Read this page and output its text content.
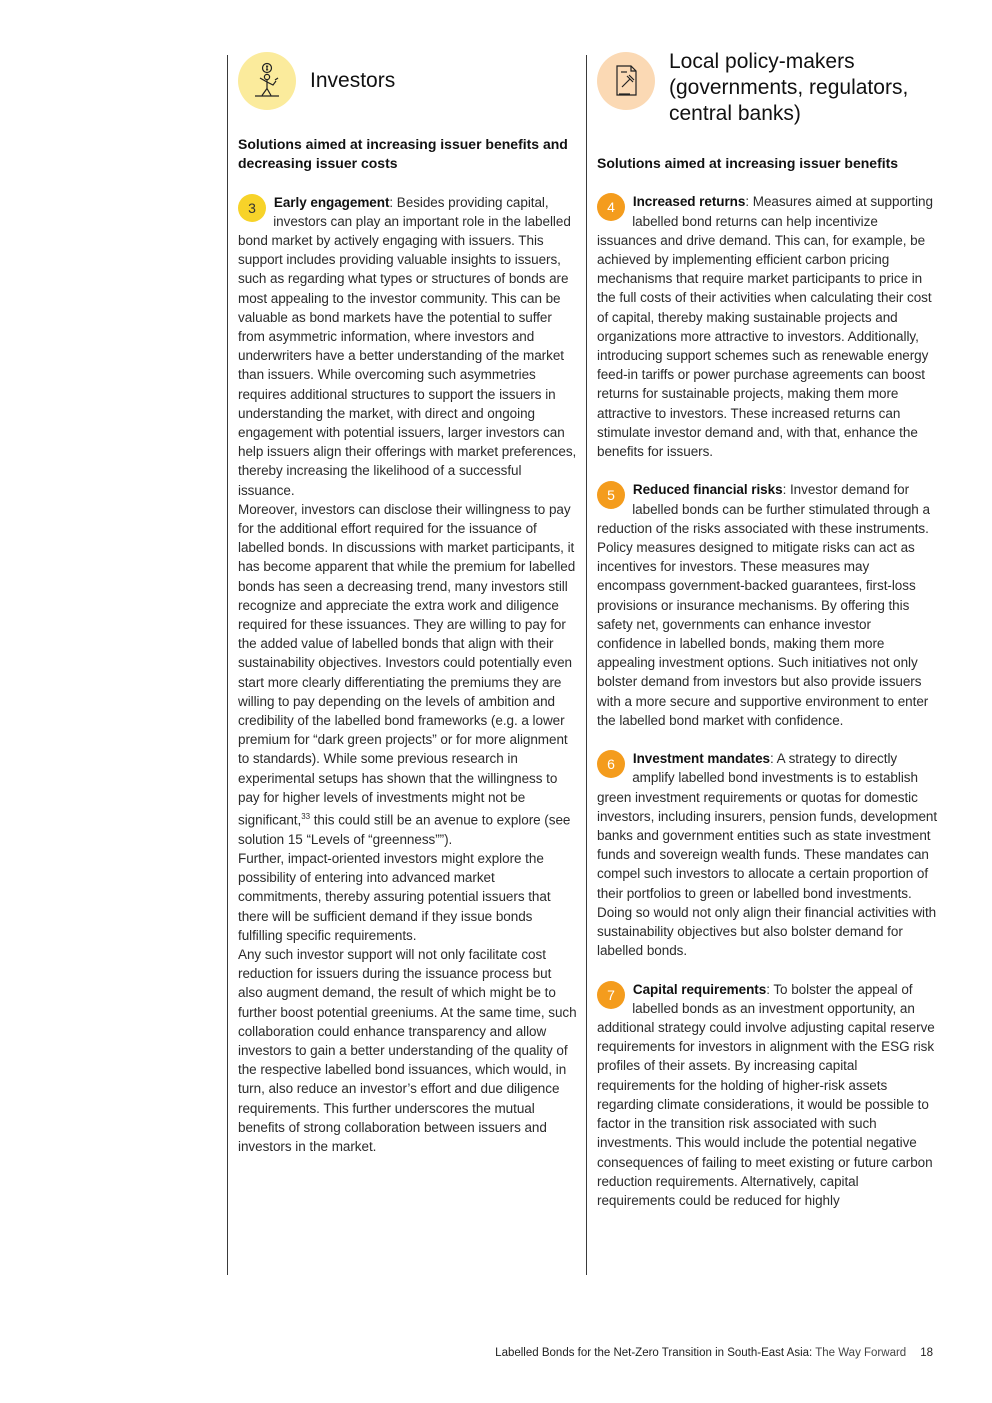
Investors

Solutions aimed at increasing issuer benefits and decreasing issuer costs

3	Early engagement: Besides providing capital, investors can play an important role in the labelled bond market by actively engaging with issuers. This support includes providing valuable insights to issuers, such as regarding what types or structures of bonds are most appealing to the investor community. This can be valuable as bond markets have the potential to suffer from asymmetric information, where investors and underwriters have a better understanding of the market than issuers. While overcoming such asymmetries requires additional structures to support the issuers in understanding the market, with direct and ongoing engagement with potential issuers, larger investors can help issuers align their offerings with market preferences, thereby increasing the likelihood of a successful issuance.

Moreover, investors can disclose their willingness to pay for the additional effort required for the issuance of labelled bonds. In discussions with market participants, it has become apparent that while the premium for labelled bonds has seen a decreasing trend, many investors still recognize and appreciate the extra work and diligence required for these issuances. They are willing to pay for the added value of labelled bonds that align with their sustainability objectives. Investors could potentially even start more clearly differentiating the premiums they are willing to pay depending on the levels of ambition and credibility of the labelled bond frameworks (e.g. a lower premium for “dark green projects” or for more alignment to standards). While some previous research in experimental setups has shown that the willingness to pay for higher levels of investments might not be significant,$^{33}$ this could still be an avenue to explore (see solution 15 “Levels of “greenness””).

Further, impact-oriented investors might explore the possibility of entering into advanced market commitments, thereby assuring potential issuers that there will be sufficient demand if they issue bonds fulfilling specific requirements.

Any such investor support will not only facilitate cost reduction for issuers during the issuance process but also augment demand, the result of which might be to further boost potential greeniums. At the same time, such collaboration could enhance transparency and allow investors to gain a better understanding of the quality of the respective labelled bond issuances, which would, in turn, also reduce an investor’s effort and due diligence requirements. This further underscores the mutual benefits of strong collaboration between issuers and investors in the market.

Local policy-makers
(governments, regulators, central banks)

Solutions aimed at increasing issuer benefits

4	Increased returns: Measures aimed at supporting labelled bond returns can help incentivize issuances and drive demand. This can, for example, be achieved by implementing efficient carbon pricing mechanisms that require market participants to price in the full costs of their activities when calculating their cost of capital, thereby making sustainable projects and organizations more attractive to investors. Additionally, introducing support schemes such as renewable energy feed-in tariffs or power purchase agreements can boost returns for sustainable projects, making them more attractive to investors. These increased returns can stimulate investor demand and, with that, enhance the benefits for issuers.

5	Reduced financial risks: Investor demand for labelled bonds can be further stimulated through a reduction of the risks associated with these instruments. Policy measures designed to mitigate risks can act as incentives for investors. These measures may encompass government-backed guarantees, first-loss provisions or insurance mechanisms. By offering this safety net, governments can enhance investor confidence in labelled bonds, making them more appealing investment options. Such initiatives not only bolster demand from investors but also provide issuers with a more secure and supportive environment to enter the labelled bond market with confidence.

6	Investment mandates: A strategy to directly amplify labelled bond investments is to establish green investment requirements or quotas for domestic investors, including insurers, pension funds, development banks and government entities such as state investment funds and sovereign wealth funds. These mandates can compel such investors to allocate a certain proportion of their portfolios to green or labelled bond investments. Doing so would not only align their financial activities with sustainability objectives but also bolster demand for labelled bonds.

7	Capital requirements: To bolster the appeal of labelled bonds as an investment opportunity, an additional strategy could involve adjusting capital reserve requirements for investors in alignment with the ESG risk profiles of their assets. By increasing capital requirements for the holding of higher-risk assets regarding climate considerations, it would be possible to factor in the transition risk associated with such investments. This would include the potential negative consequences of failing to meet existing or future carbon reduction requirements. Alternatively, capital requirements could be reduced for highly

Labelled Bonds for the Net-Zero Transition in South-East Asia: The Way Forward 18
